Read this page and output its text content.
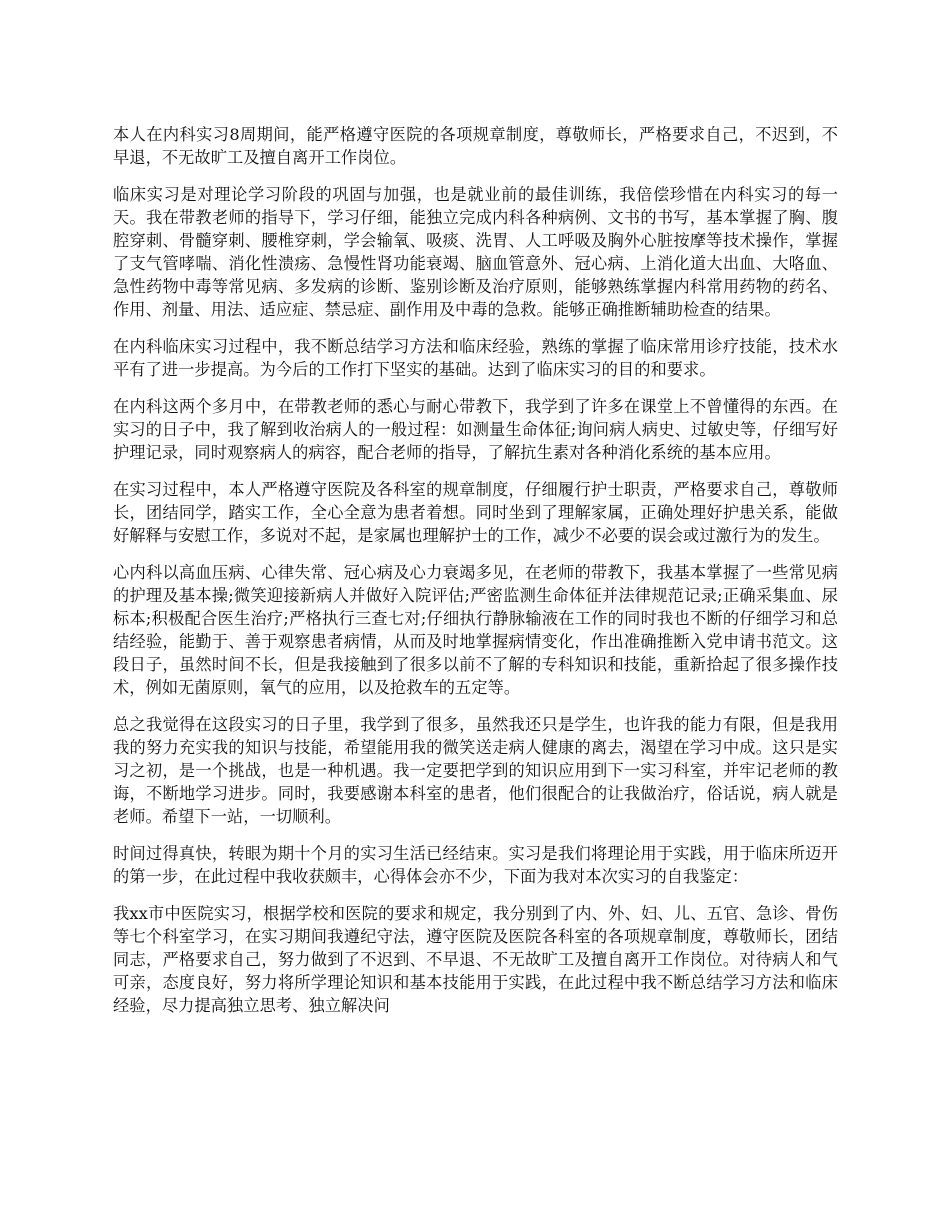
本人在内科实习8周期间，能严格遵守医院的各项规章制度，尊敬师长，严格要求自己，不迟到，不早退，不无故旷工及擅自离开工作岗位。

临床实习是对理论学习阶段的巩固与加强，也是就业前的最佳训练，我倍偿珍惜在内科实习的每一天。我在带教老师的指导下，学习仔细，能独立完成内科各种病例、文书的书写，基本掌握了胸、腹腔穿刺、骨髓穿刺、腰椎穿刺，学会输氧、吸痰、洗胃、人工呼吸及胸外心脏按摩等技术操作，掌握了支气管哮喘、消化性溃疡、急慢性肾功能衰竭、脑血管意外、冠心病、上消化道大出血、大咯血、急性药物中毒等常见病、多发病的诊断、鉴别诊断及治疗原则，能够熟练掌握内科常用药物的药名、作用、剂量、用法、适应症、禁忌症、副作用及中毒的急救。能够正确推断辅助检查的结果。

在内科临床实习过程中，我不断总结学习方法和临床经验，熟练的掌握了临床常用诊疗技能，技术水平有了进一步提高。为今后的工作打下坚实的基础。达到了临床实习的目的和要求。

在内科这两个多月中，在带教老师的悉心与耐心带教下，我学到了许多在课堂上不曾懂得的东西。在实习的日子中，我了解到收治病人的一般过程：如测量生命体征;询问病人病史、过敏史等，仔细写好护理记录，同时观察病人的病容，配合老师的指导，了解抗生素对各种消化系统的基本应用。

在实习过程中，本人严格遵守医院及各科室的规章制度，仔细履行护士职责，严格要求自己，尊敬师长，团结同学，踏实工作，全心全意为患者着想。同时坐到了理解家属，正确处理好护患关系，能做好解释与安慰工作，多说对不起，是家属也理解护士的工作，减少不必要的误会或过激行为的发生。

心内科以高血压病、心律失常、冠心病及心力衰竭多见，在老师的带教下，我基本掌握了一些常见病的护理及基本操;微笑迎接新病人并做好入院评估;严密监测生命体征并法律规范记录;正确采集血、尿标本;积极配合医生治疗;严格执行三查七对;仔细执行静脉输液在工作的同时我也不断的仔细学习和总结经验，能勤于、善于观察患者病情，从而及时地掌握病情变化，作出准确推断入党申请书范文。这段日子，虽然时间不长，但是我接触到了很多以前不了解的专科知识和技能，重新拾起了很多操作技术，例如无菌原则，氧气的应用，以及抢救车的五定等。

总之我觉得在这段实习的日子里，我学到了很多，虽然我还只是学生，也许我的能力有限，但是我用我的努力充实我的知识与技能，希望能用我的微笑送走病人健康的离去，渴望在学习中成。这只是实习之初，是一个挑战，也是一种机遇。我一定要把学到的知识应用到下一实习科室，并牢记老师的教诲，不断地学习进步。同时，我要感谢本科室的患者，他们很配合的让我做治疗，俗话说，病人就是老师。希望下一站，一切顺利。

时间过得真快，转眼为期十个月的实习生活已经结束。实习是我们将理论用于实践，用于临床所迈开的第一步，在此过程中我收获颇丰，心得体会亦不少，下面为我对本次实习的自我鉴定：

我xx市中医院实习，根据学校和医院的要求和规定，我分别到了内、外、妇、儿、五官、急诊、骨伤等七个科室学习，在实习期间我遵纪守法，遵守医院及医院各科室的各项规章制度，尊敬师长，团结同志，严格要求自己，努力做到了不迟到、不早退、不无故旷工及擅自离开工作岗位。对待病人和气可亲，态度良好，努力将所学理论知识和基本技能用于实践，在此过程中我不断总结学习方法和临床经验，尽力提高独立思考、独立解决问
